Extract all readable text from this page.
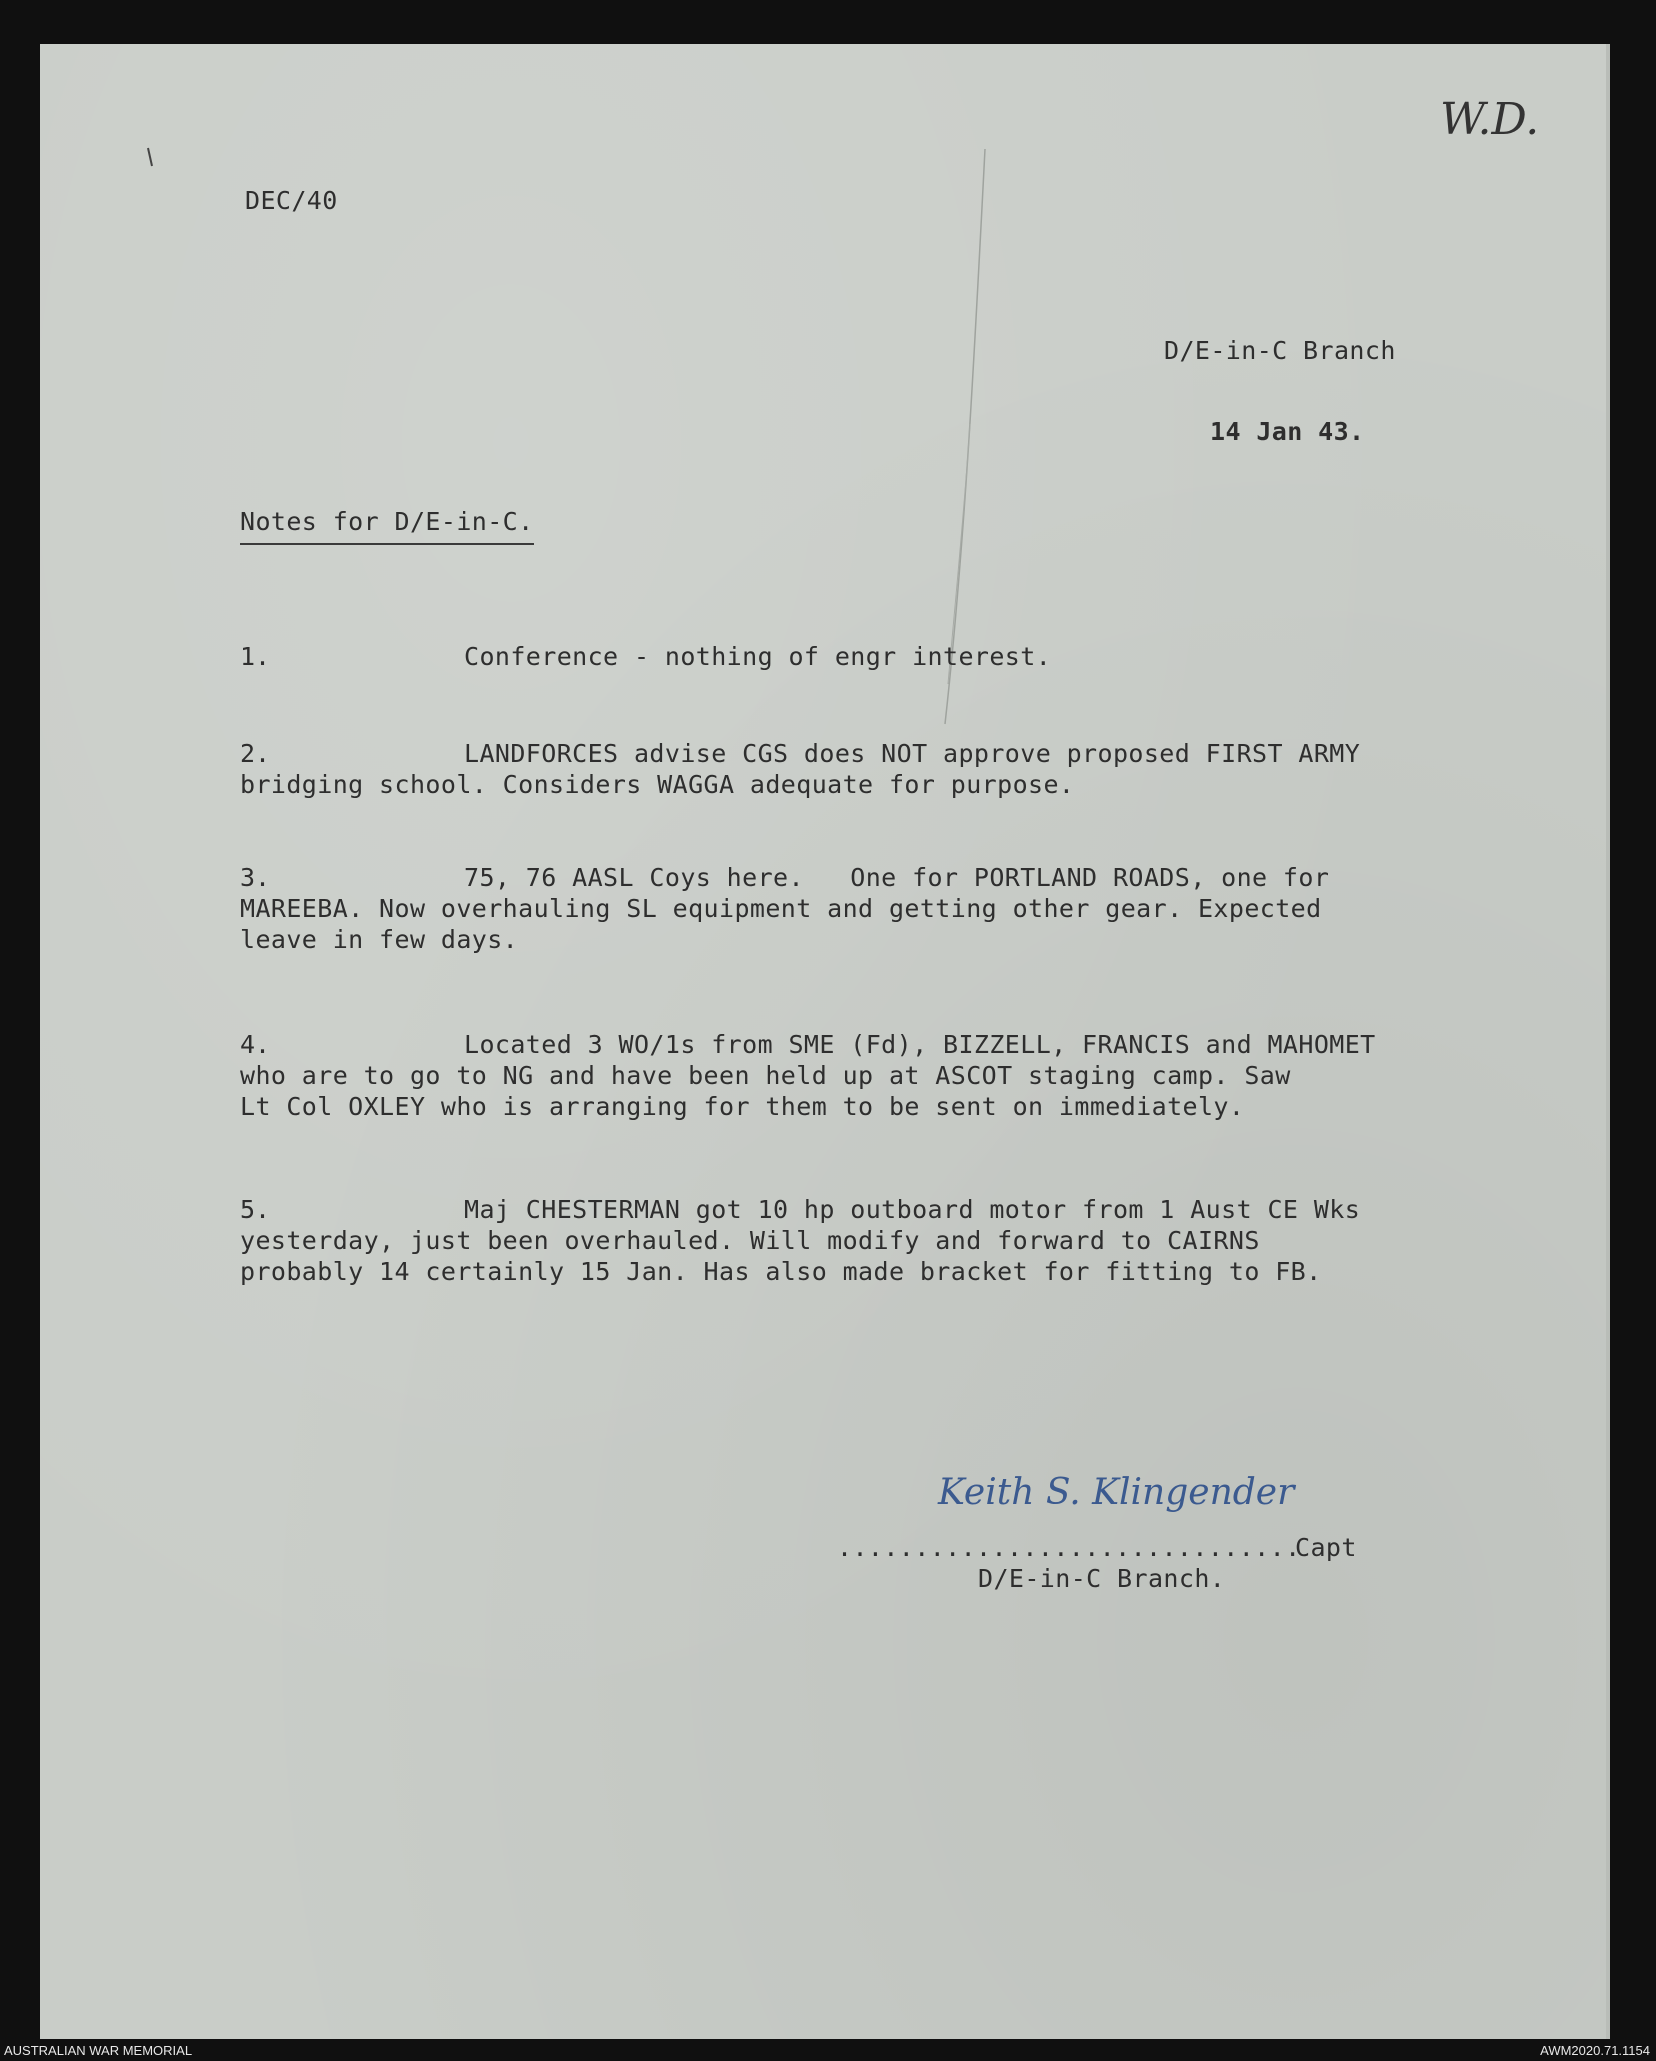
DEC/40

W.D.

D/E-in-C Branch

14 Jan 43.

Notes for D/E-in-C.

1.	Conference - nothing of engr interest.

2.	LANDFORCES advise CGS does NOT approve proposed FIRST ARMY

bridging school. Considers WAGGA adequate for purpose.

3.	75, 76 AASL Coys here.   One for PORTLAND ROADS, one for

MAREEBA. Now overhauling SL equipment and getting other gear. Expected
leave in few days.

4.	Located 3 WO/1s from SME (Fd), BIZZELL, FRANCIS and MAHOMET

who are to go to NG and have been held up at ASCOT staging camp. Saw
Lt Col OXLEY who is arranging for them to be sent on immediately.

5.	Maj CHESTERMAN got 10 hp outboard motor from 1 Aust CE Wks

yesterday, just been overhauled. Will modify and forward to CAIRNS
probably 14 certainly 15 Jan. Has also made bracket for fitting to FB.

Keith S. Klingender

..............................

Capt

D/E-in-C Branch.

AUSTRALIAN WAR MEMORIAL	AWM2020.71.1154
